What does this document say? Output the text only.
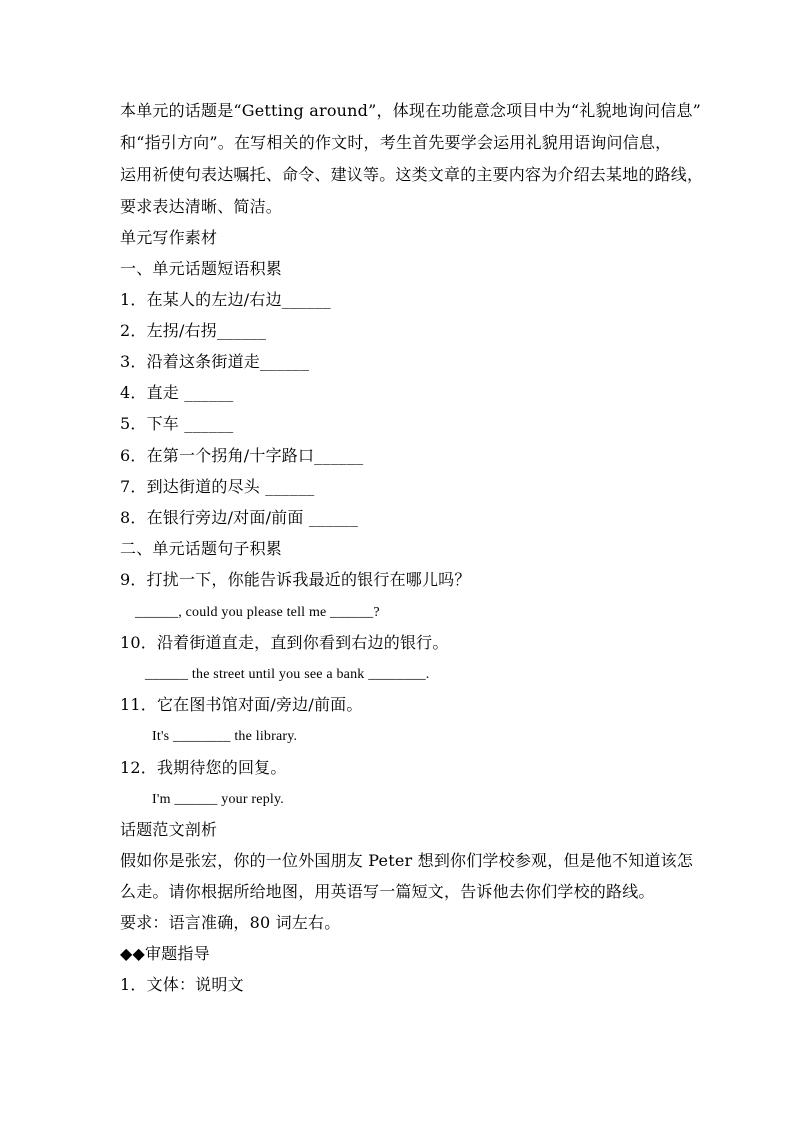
本单元的话题是“Getting around”，体现在功能意念项目中为“礼貌地询问信息”
和“指引方向”。在写相关的作文时，考生首先要学会运用礼貌用语询问信息，
运用祈使句表达嘱托、命令、建议等。这类文章的主要内容为介绍去某地的路线，
要求表达清晰、简洁。
单元写作素材
一、单元话题短语积累
1．在某人的左边/右边______
2．左拐/右拐______
3．沿着这条街道走______
4．直走 ______
5．下车 ______
6．在第一个拐角/十字路口______
7．到达街道的尽头 ______
8．在银行旁边/对面/前面 ______
二、单元话题句子积累
9．打扰一下，你能告诉我最近的银行在哪儿吗？
______, could you please tell me ______?
10．沿着街道直走，直到你看到右边的银行。
______ the street until you see a bank ________.
11．它在图书馆对面/旁边/前面。
It's ________ the library.
12．我期待您的回复。
I'm ______ your reply.
话题范文剖析
假如你是张宏，你的一位外国朋友 Peter 想到你们学校参观，但是他不知道该怎
么走。请你根据所给地图，用英语写一篇短文，告诉他去你们学校的路线。
要求：语言准确，80 词左右。
◆◆审题指导
1．文体：说明文
